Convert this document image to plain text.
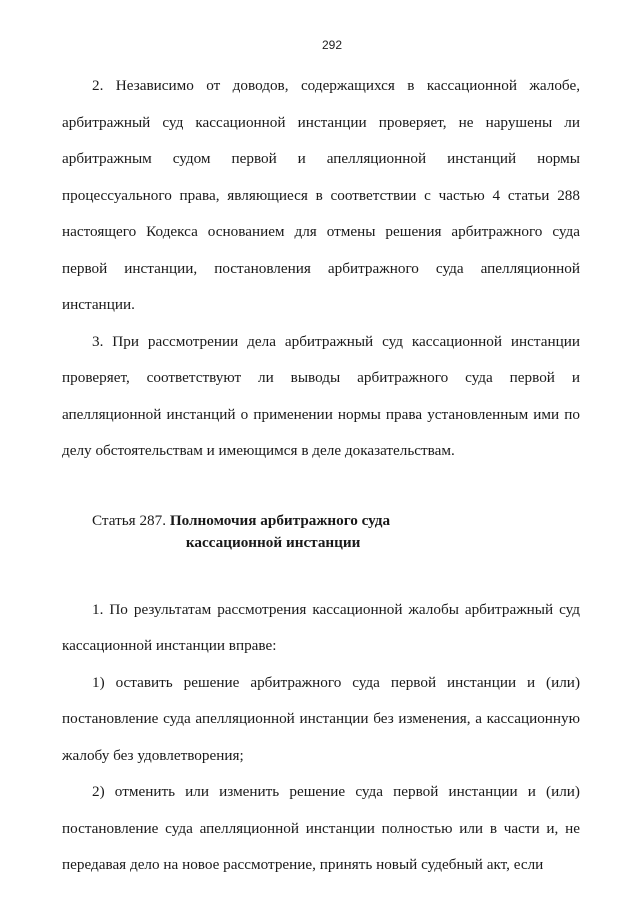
292

2. Независимо от доводов, содержащихся в кассационной жалобе, арбитражный суд кассационной инстанции проверяет, не нарушены ли арбитражным судом первой и апелляционной инстанций нормы процессуального права, являющиеся в соответствии с частью 4 статьи 288 настоящего Кодекса основанием для отмены решения арбитражного суда первой инстанции, постановления арбитражного суда апелляционной инстанции.

3. При рассмотрении дела арбитражный суд кассационной инстанции проверяет, соответствуют ли выводы арбитражного суда первой и апелляционной инстанций о применении нормы права установленным ими по делу обстоятельствам и имеющимся в деле доказательствам.

Статья 287. Полномочия арбитражного суда
кассационной инстанции

1. По результатам рассмотрения кассационной жалобы арбитражный суд кассационной инстанции вправе:

1) оставить решение арбитражного суда первой инстанции и (или) постановление суда апелляционной инстанции без изменения, а кассационную жалобу без удовлетворения;

2) отменить или изменить решение суда первой инстанции и (или) постановление суда апелляционной инстанции полностью или в части и, не передавая дело на новое рассмотрение, принять новый судебный акт, если
